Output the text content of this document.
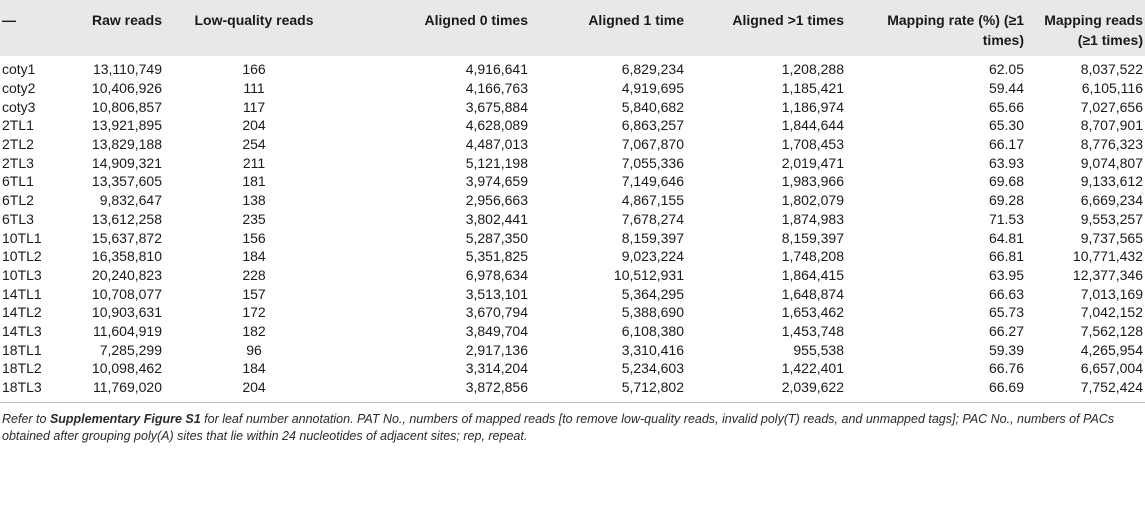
—	Raw reads	Low-quality reads	Aligned 0 times	Aligned 1 time	Aligned >1 times	Mapping rate (%) (≥1 times)	Mapping reads (≥1 times)
coty1	13,110,749	166	4,916,641	6,829,234	1,208,288	62.05	8,037,522
coty2	10,406,926	111	4,166,763	4,919,695	1,185,421	59.44	6,105,116
coty3	10,806,857	117	3,675,884	5,840,682	1,186,974	65.66	7,027,656
2TL1	13,921,895	204	4,628,089	6,863,257	1,844,644	65.30	8,707,901
2TL2	13,829,188	254	4,487,013	7,067,870	1,708,453	66.17	8,776,323
2TL3	14,909,321	211	5,121,198	7,055,336	2,019,471	63.93	9,074,807
6TL1	13,357,605	181	3,974,659	7,149,646	1,983,966	69.68	9,133,612
6TL2	9,832,647	138	2,956,663	4,867,155	1,802,079	69.28	6,669,234
6TL3	13,612,258	235	3,802,441	7,678,274	1,874,983	71.53	9,553,257
10TL1	15,637,872	156	5,287,350	8,159,397	8,159,397	64.81	9,737,565
10TL2	16,358,810	184	5,351,825	9,023,224	1,748,208	66.81	10,771,432
10TL3	20,240,823	228	6,978,634	10,512,931	1,864,415	63.95	12,377,346
14TL1	10,708,077	157	3,513,101	5,364,295	1,648,874	66.63	7,013,169
14TL2	10,903,631	172	3,670,794	5,388,690	1,653,462	65.73	7,042,152
14TL3	11,604,919	182	3,849,704	6,108,380	1,453,748	66.27	7,562,128
18TL1	7,285,299	96	2,917,136	3,310,416	955,538	59.39	4,265,954
18TL2	10,098,462	184	3,314,204	5,234,603	1,422,401	66.76	6,657,004
18TL3	11,769,020	204	3,872,856	5,712,802	2,039,622	66.69	7,752,424
Refer to Supplementary Figure S1 for leaf number annotation. PAT No., numbers of mapped reads [to remove low-quality reads, invalid poly(T) reads, and unmapped tags]; PAC No., numbers of PACs obtained after grouping poly(A) sites that lie within 24 nucleotides of adjacent sites; rep, repeat.
